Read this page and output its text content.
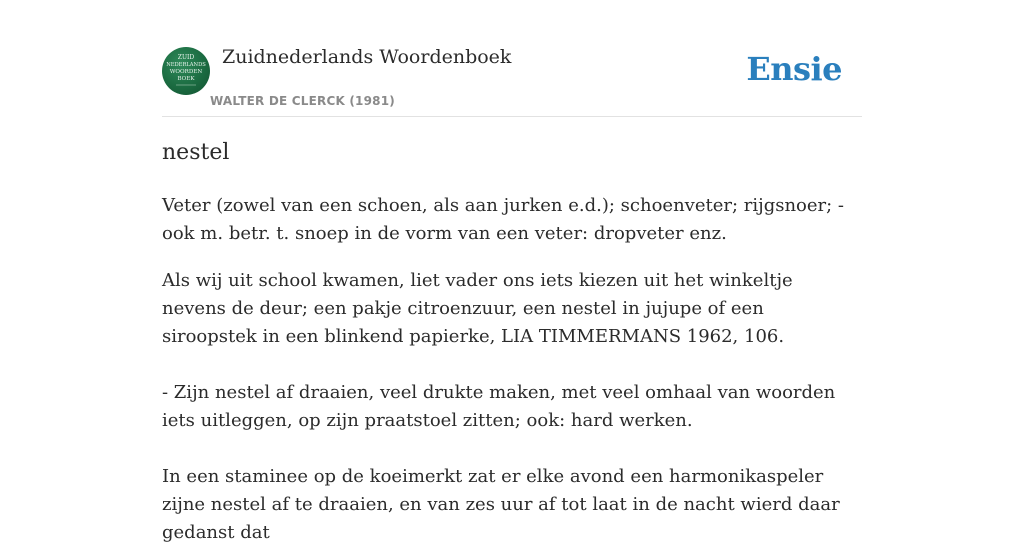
ZUID
NEDERLANDS
WOORDEN
BOEK
Zuidnederlands Woordenboek
WALTER DE CLERCK (1981)
Ensie
nestel

Veter (zowel van een schoen, als aan jurken e.d.); schoenveter; rijgsnoer; - ook m. betr. t. snoep in de vorm van een veter: dropveter enz.

Als wij uit school kwamen, liet vader ons iets kiezen uit het winkeltje nevens de deur; een pakje citroenzuur, een nestel in jujupe of een siroopstek in een blinkend papierke, LIA TIMMERMANS 1962, 106.

- Zijn nestel af draaien, veel drukte maken, met veel omhaal van woorden iets uitleggen, op zijn praatstoel zitten; ook: hard werken.

In een staminee op de koeimerkt zat er elke avond een harmonikaspeler zijne nestel af te draaien, en van zes uur af tot laat in de nacht wierd daar gedanst dat
